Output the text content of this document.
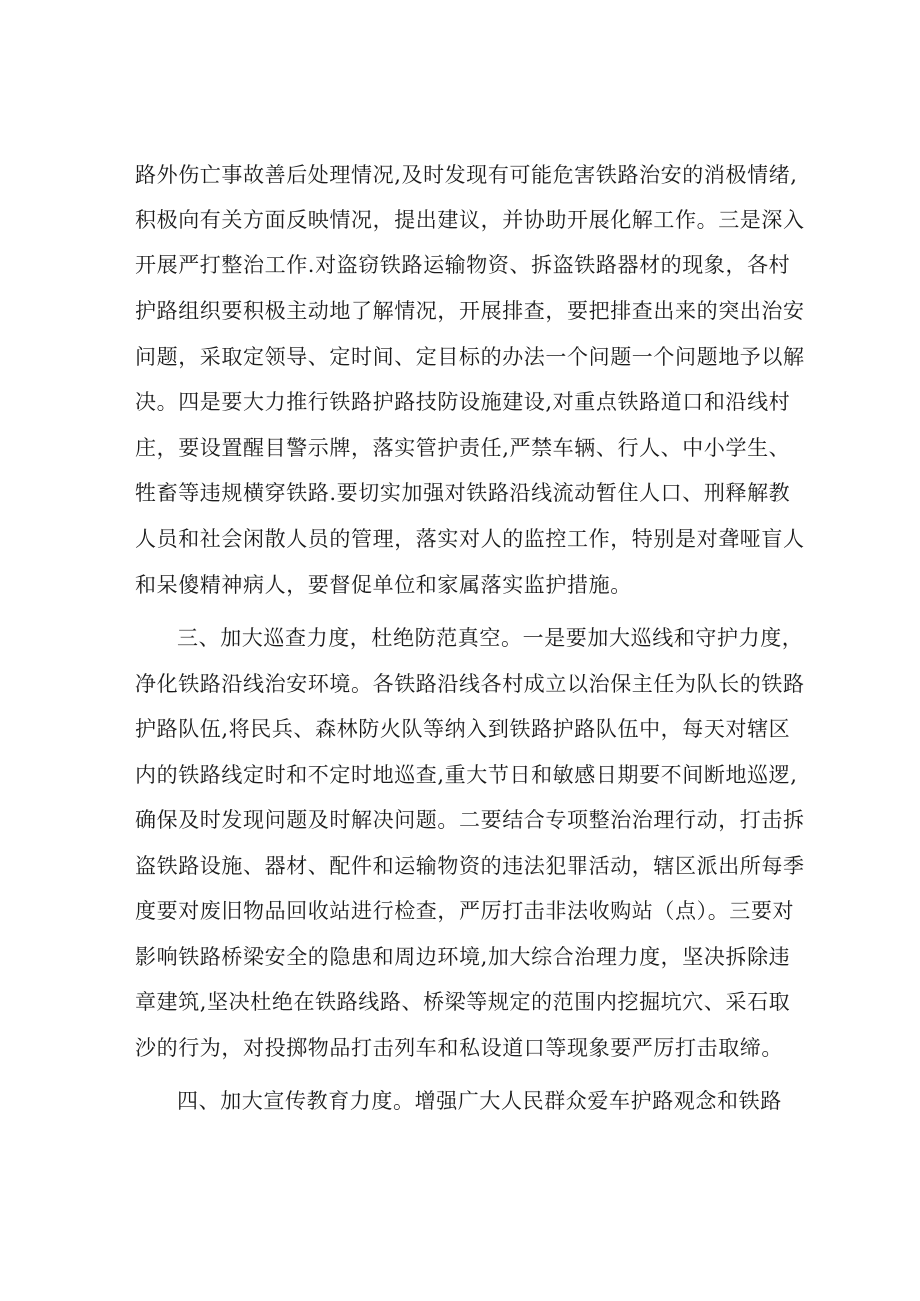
路外伤亡事故善后处理情况,及时发现有可能危害铁路治安的消极情绪,
积极向有关方面反映情况，提出建议，并协助开展化解工作。三是深入
开展严打整治工作.对盗窃铁路运输物资、拆盗铁路器材的现象，各村
护路组织要积极主动地了解情况，开展排查，要把排查出来的突出治安
问题，采取定领导、定时间、定目标的办法一个问题一个问题地予以解
决。四是要大力推行铁路护路技防设施建设,对重点铁路道口和沿线村
庄，要设置醒目警示牌，落实管护责任,严禁车辆、行人、中小学生、
牲畜等违规横穿铁路.要切实加强对铁路沿线流动暂住人口、刑释解教
人员和社会闲散人员的管理，落实对人的监控工作，特别是对聋哑盲人
和呆傻精神病人，要督促单位和家属落实监护措施。
三、加大巡查力度，杜绝防范真空。一是要加大巡线和守护力度，
净化铁路沿线治安环境。各铁路沿线各村成立以治保主任为队长的铁路
护路队伍,将民兵、森林防火队等纳入到铁路护路队伍中，每天对辖区
内的铁路线定时和不定时地巡查,重大节日和敏感日期要不间断地巡逻,
确保及时发现问题及时解决问题。二要结合专项整治治理行动，打击拆
盗铁路设施、器材、配件和运输物资的违法犯罪活动，辖区派出所每季
度要对废旧物品回收站进行检查，严厉打击非法收购站（点）。三要对
影响铁路桥梁安全的隐患和周边环境,加大综合治理力度，坚决拆除违
章建筑,坚决杜绝在铁路线路、桥梁等规定的范围内挖掘坑穴、采石取
沙的行为，对投掷物品打击列车和私设道口等现象要严厉打击取缔。
四、加大宣传教育力度。增强广大人民群众爱车护路观念和铁路
